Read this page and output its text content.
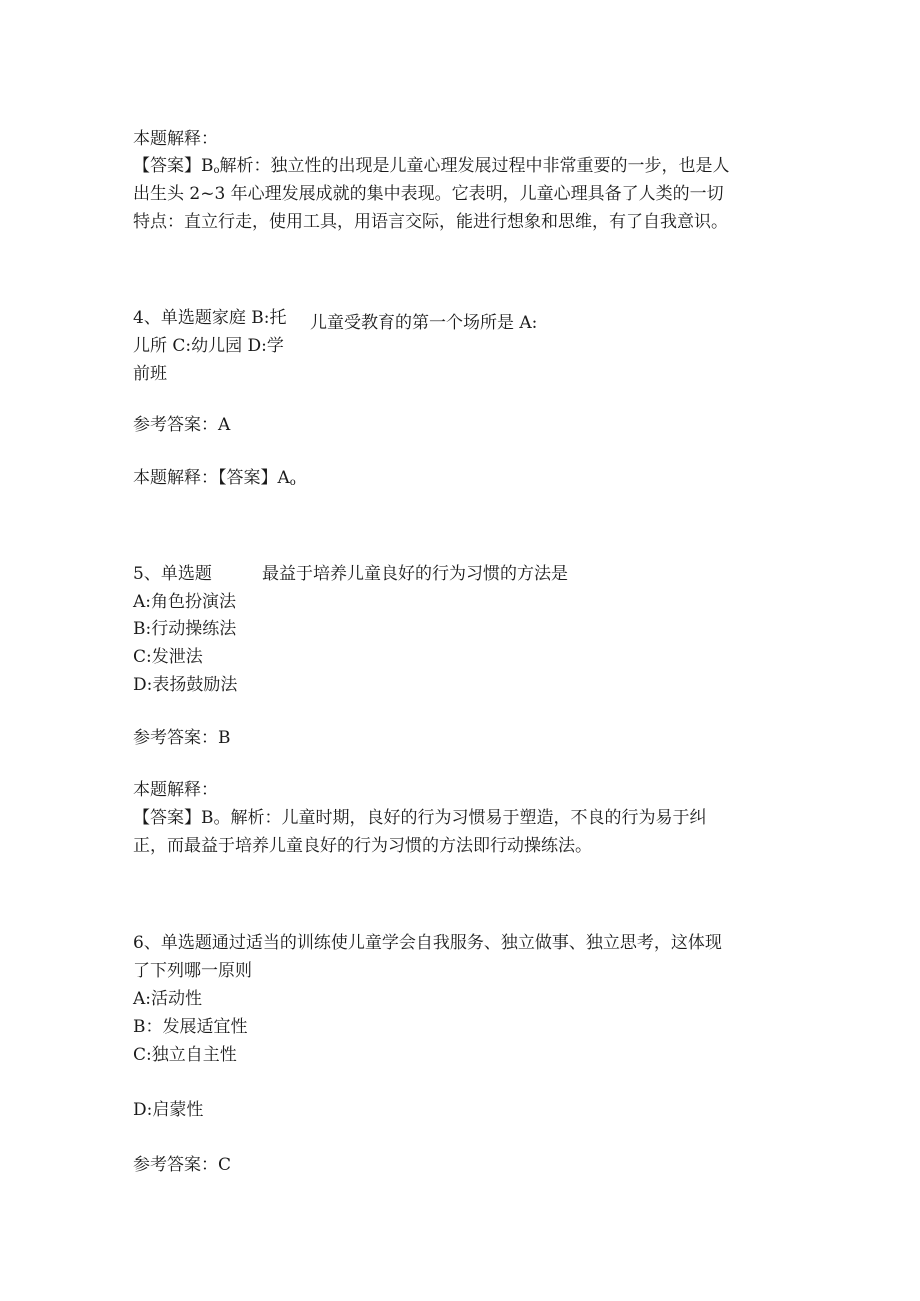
本题解释：

【答案】$B_o$解析：独立性的出现是儿童心理发展过程中非常重要的一步，也是人

出生头 2~3 年心理发展成就的集中表现。它表明，儿童心理具备了人类的一切

特点：直立行走，使用工具，用语言交际，能进行想象和思维，有了自我意识。

4、单选题家庭 B:托 儿童受教育的第一个场所是 A:

儿所 C:幼儿园 D:学

前班

参考答案：A

本题解释：【答案】$A_o$

5、单选题	最益于培养儿童良好的行为习惯的方法是

A:角色扮演法

B:行动操练法

C:发泄法

D:表扬鼓励法

参考答案：B

本题解释：

【答案】B。解析：儿童时期，良好的行为习惯易于塑造，不良的行为易于纠

正，而最益于培养儿童良好的行为习惯的方法即行动操练法。

6、单选题通过适当的训练使儿童学会自我服务、独立做事、独立思考，这体现

了下列哪一原则

A:活动性

B：发展适宜性

C:独立自主性

D:启蒙性

参考答案：C
